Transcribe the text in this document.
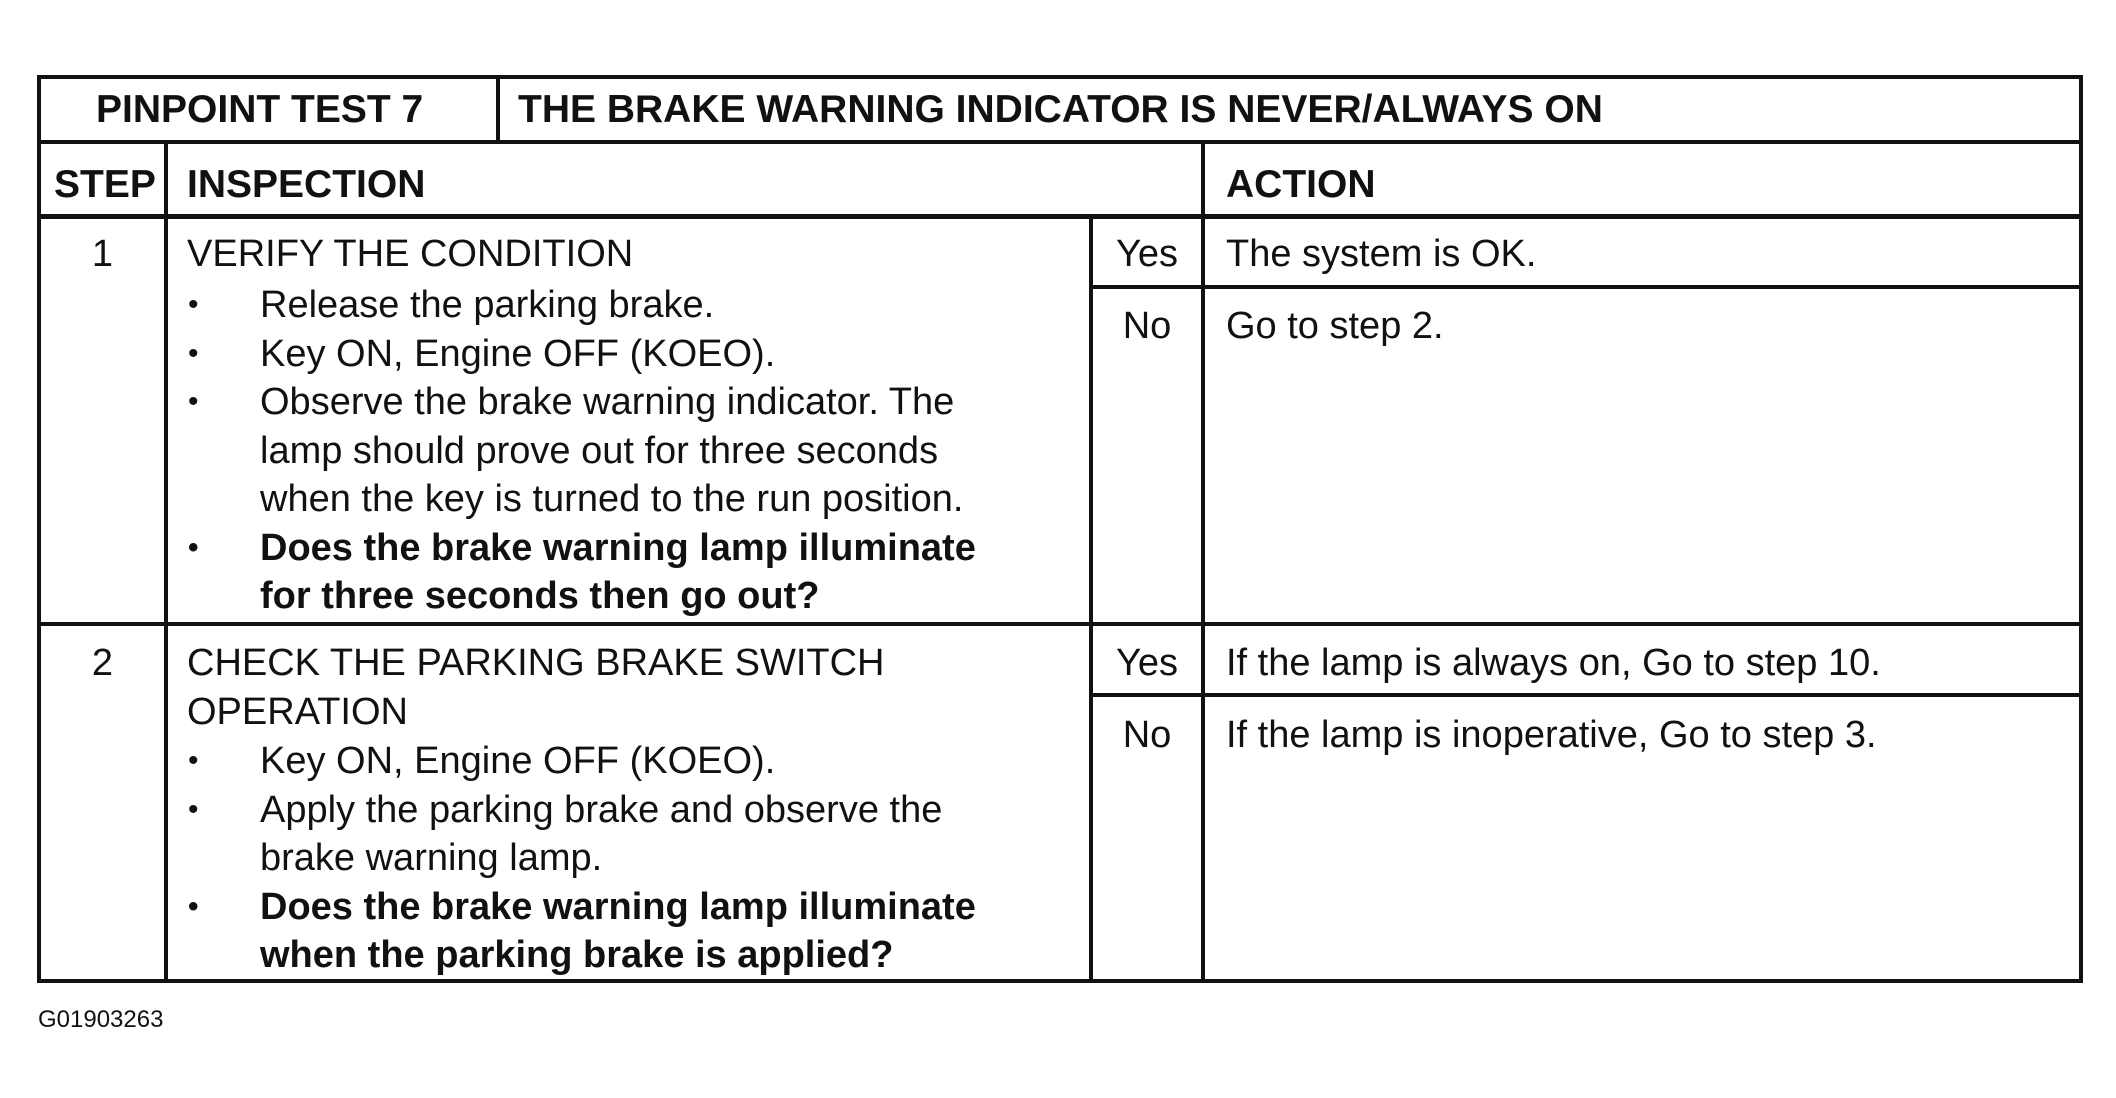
PINPOINT TEST 7 THE BRAKE WARNING INDICATOR IS NEVER/ALWAYS ON
STEP INSPECTION	ACTION
1	VERIFY THE CONDITION
• Release the parking brake.
• Key ON, Engine OFF (KOEO).
• Observe the brake warning indicator. The
lamp should prove out for three seconds
when the key is turned to the run position.
• Does the brake warning lamp illuminate
for three seconds then go out?
Yes	The system is OK.
No	Go to step 2.
2	CHECK THE PARKING BRAKE SWITCH
OPERATION
• Key ON, Engine OFF (KOEO).
• Apply the parking brake and observe the
brake warning lamp.
• Does the brake warning lamp illuminate
when the parking brake is applied?
Yes	If the lamp is always on, Go to step 10.
No	If the lamp is inoperative, Go to step 3.
G01903263
